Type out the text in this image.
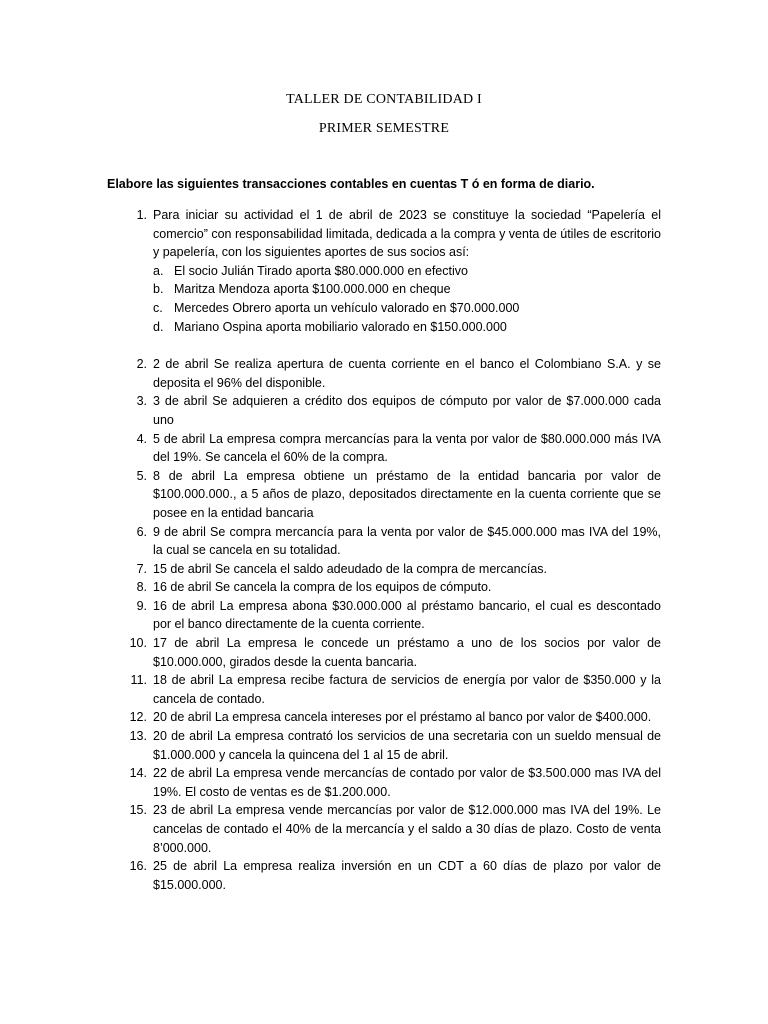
TALLER DE CONTABILIDAD I
PRIMER SEMESTRE
Elabore las siguientes transacciones contables en cuentas T ó en forma de diario.
1. Para iniciar su actividad el 1 de abril de 2023 se constituye la sociedad “Papelería el comercio” con responsabilidad limitada, dedicada a la compra y venta de útiles de escritorio y papelería, con los siguientes aportes de sus socios así:
a. El socio Julián Tirado aporta $80.000.000 en efectivo
b. Maritza Mendoza aporta $100.000.000 en cheque
c. Mercedes Obrero aporta un vehículo valorado en $70.000.000
d. Mariano Ospina aporta mobiliario valorado en $150.000.000
2. 2 de abril Se realiza apertura de cuenta corriente en el banco el Colombiano S.A. y se deposita el 96% del disponible.
3. 3 de abril Se adquieren a crédito dos equipos de cómputo por valor de $7.000.000 cada uno
4. 5 de abril La empresa compra mercancías para la venta por valor de $80.000.000 más IVA del 19%. Se cancela el 60% de la compra.
5. 8 de abril La empresa obtiene un préstamo de la entidad bancaria por valor de $100.000.000., a 5 años de plazo, depositados directamente en la cuenta corriente que se posee en la entidad bancaria
6. 9 de abril Se compra mercancía para la venta por valor de $45.000.000 mas IVA del 19%, la cual se cancela en su totalidad.
7. 15 de abril Se cancela el saldo adeudado de la compra de mercancías.
8. 16 de abril Se cancela la compra de los equipos de cómputo.
9. 16 de abril La empresa abona $30.000.000 al préstamo bancario, el cual es descontado por el banco directamente de la cuenta corriente.
10. 17 de abril La empresa le concede un préstamo a uno de los socios por valor de $10.000.000, girados desde la cuenta bancaria.
11. 18 de abril La empresa recibe factura de servicios de energía por valor de $350.000 y la cancela de contado.
12. 20 de abril La empresa cancela intereses por el préstamo al banco por valor de $400.000.
13. 20 de abril La empresa contrató los servicios de una secretaria con un sueldo mensual de $1.000.000 y cancela la quincena del 1 al 15 de abril.
14. 22 de abril La empresa vende mercancías de contado por valor de $3.500.000 mas IVA del 19%. El costo de ventas es de $1.200.000.
15. 23 de abril La empresa vende mercancías por valor de $12.000.000 mas IVA del 19%. Le cancelas de contado el 40% de la mercancía y el saldo a 30 días de plazo. Costo de venta 8’000.000.
16. 25 de abril La empresa realiza inversión en un CDT a 60 días de plazo por valor de $15.000.000.
